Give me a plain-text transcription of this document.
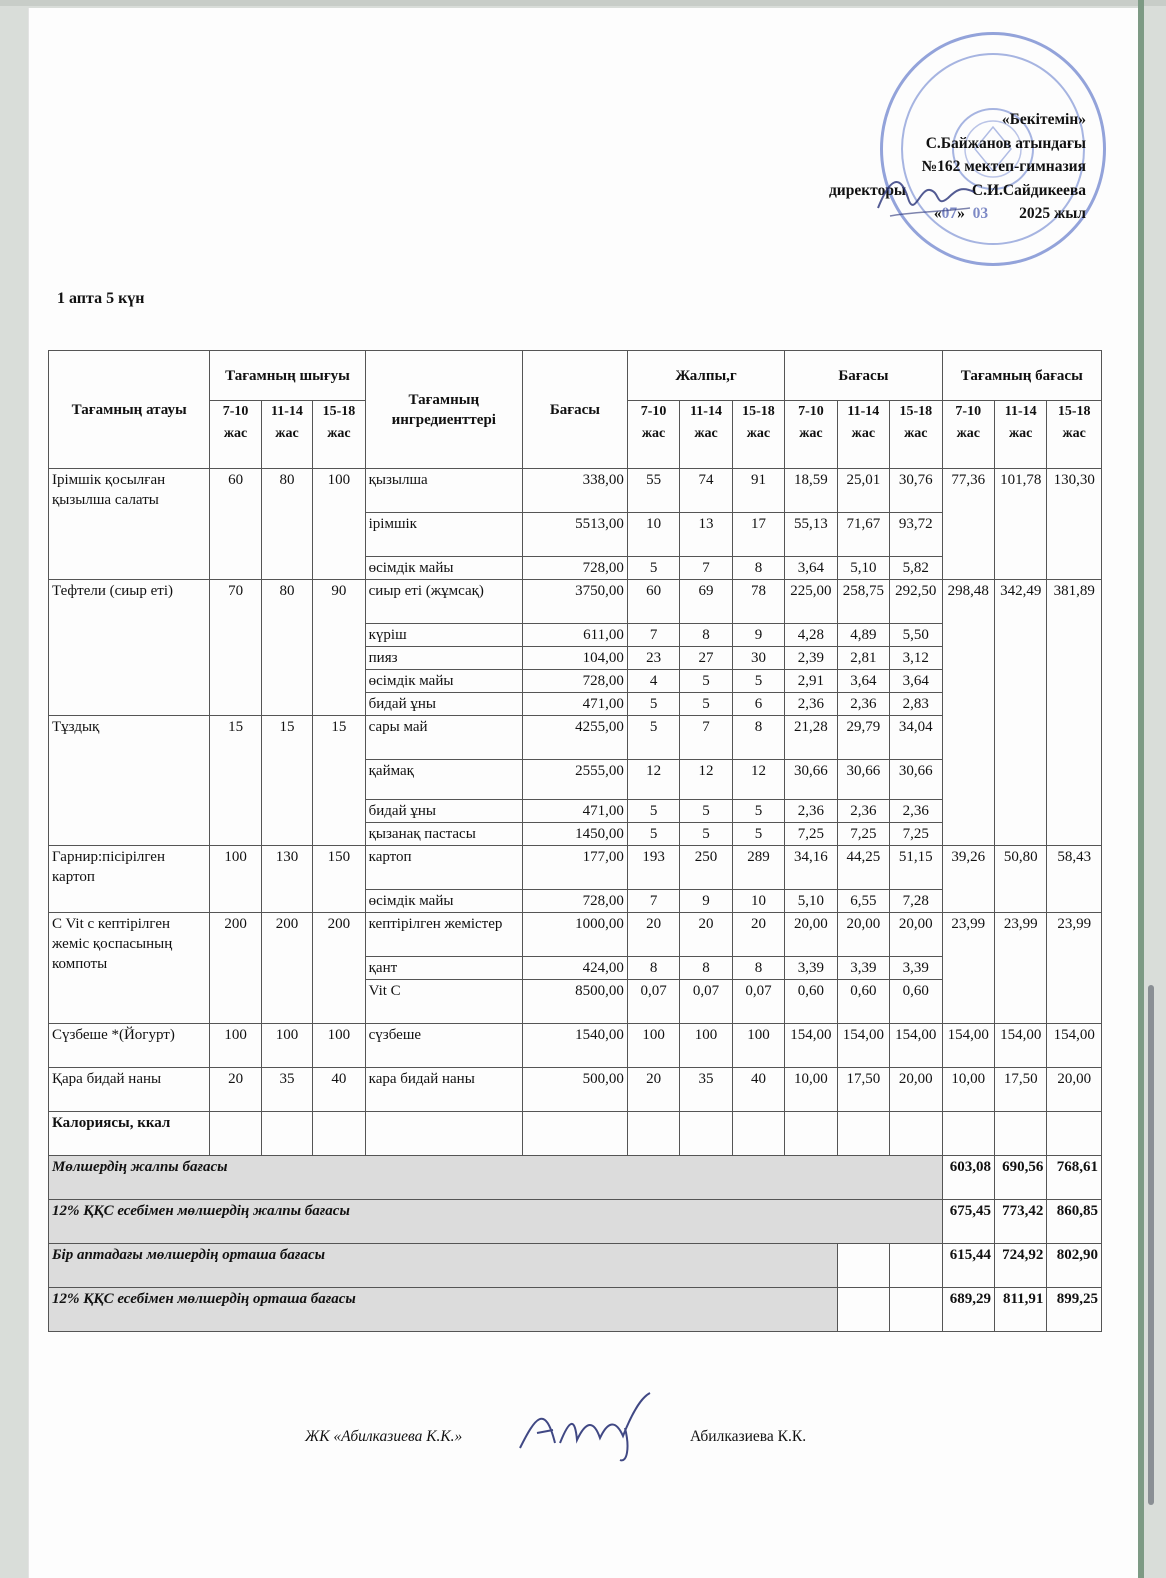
«Бекітемін»
С.Байжанов атындағы
№162 мектеп-гимназия
директоры	С.И.Сайдикеева
«07» 03 2025 жыл
1 апта 5 күн
Тағамның атауы	Тағамның шығуы			Тағамның ингредиенттері	Бағасы	Жалпы,г			Бағасы			Тағамның бағасы		
	7-10 жас	11-14 жас	15-18 жас			7-10 жас	11-14 жас	15-18 жас	7-10 жас	11-14 жас	15-18 жас	7-10 жас	11-14 жас	15-18 жас
Ірімшік қосылған қызылша салаты	60	80	100	қызылша	338,00	55	74	91	18,59	25,01	30,76	77,36	101,78	130,30
				ірімшік	5513,00	10	13	17	55,13	71,67	93,72			
				өсімдік майы	728,00	5	7	8	3,64	5,10	5,82			
Тефтели (сиыр еті)	70	80	90	сиыр еті (жұмсақ)	3750,00	60	69	78	225,00	258,75	292,50	298,48	342,49	381,89
				күріш	611,00	7	8	9	4,28	4,89	5,50			
				пияз	104,00	23	27	30	2,39	2,81	3,12			
				өсімдік майы	728,00	4	5	5	2,91	3,64	3,64			
				бидай ұны	471,00	5	5	6	2,36	2,36	2,83			
Тұздық	15	15	15	сары май	4255,00	5	7	8	21,28	29,79	34,04			
				қаймақ	2555,00	12	12	12	30,66	30,66	30,66			
				бидай ұны	471,00	5	5	5	2,36	2,36	2,36			
				қызанақ пастасы	1450,00	5	5	5	7,25	7,25	7,25			
Гарнир:пісірілген картоп	100	130	150	картоп	177,00	193	250	289	34,16	44,25	51,15	39,26	50,80	58,43
				өсімдік майы	728,00	7	9	10	5,10	6,55	7,28			
C Vit с кептірілген жеміс қоспасының компоты	200	200	200	кептірілген жемістер	1000,00	20	20	20	20,00	20,00	20,00	23,99	23,99	23,99
				қант	424,00	8	8	8	3,39	3,39	3,39			
				Vit C	8500,00	0,07	0,07	0,07	0,60	0,60	0,60			
Сүзбеше *(Йогурт)	100	100	100	сүзбеше	1540,00	100	100	100	154,00	154,00	154,00	154,00	154,00	154,00
Қара бидай наны	20	35	40	кара бидай наны	500,00	20	35	40	10,00	17,50	20,00	10,00	17,50	20,00
Калориясы, ккал														
Мөлшердің жалпы бағасы												603,08	690,56	768,61
12% ҚҚС есебімен мөлшердің жалпы бағасы												675,45	773,42	860,85
Бір аптадағы мөлшердің орташа бағасы												615,44	724,92	802,90
12% ҚҚС есебімен мөлшердің орташа бағасы												689,29	811,91	899,25
ЖК «Абилказиева К.К.»	Абилказиева К.К.
